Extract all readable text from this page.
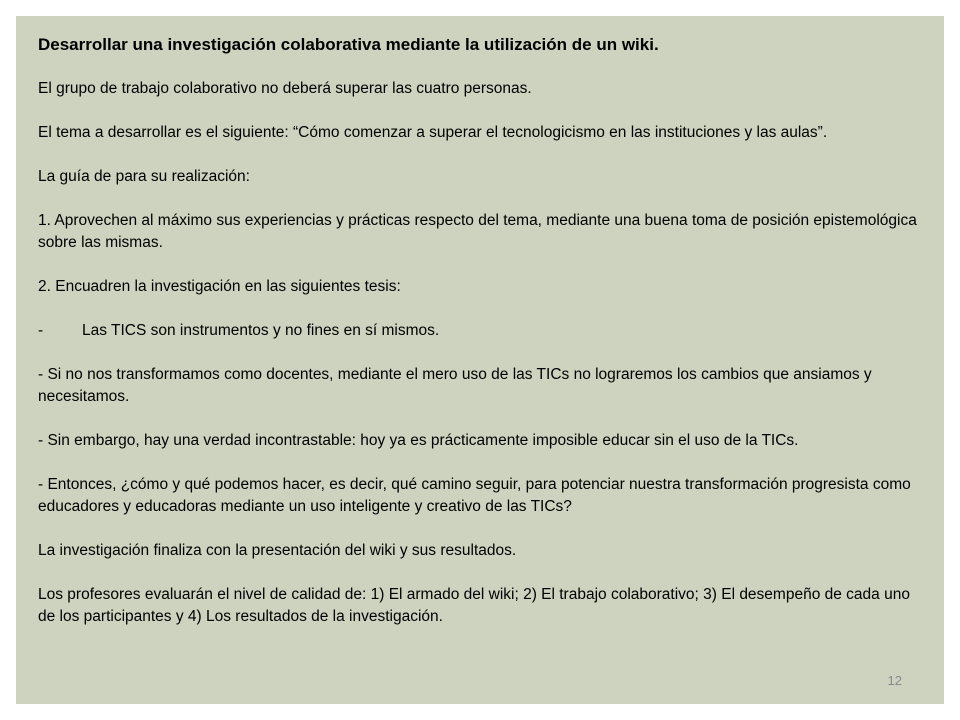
Desarrollar una investigación colaborativa mediante la utilización de un wiki.

El grupo de trabajo colaborativo no deberá superar las cuatro personas.

El tema a desarrollar es el siguiente: “Cómo comenzar a superar el tecnologicismo en las instituciones y las aulas”.

La guía de para su realización:

1. Aprovechen al máximo sus experiencias y prácticas respecto del tema, mediante una buena toma de posición epistemológica sobre las mismas.

2. Encuadren la investigación en las siguientes tesis:

-	Las TICS son instrumentos y no fines en sí mismos.

- Si no nos transformamos como docentes, mediante el mero uso de las TICs no lograremos los cambios que ansiamos y necesitamos.

- Sin embargo, hay una verdad incontrastable: hoy ya es prácticamente imposible educar sin el uso de la TICs.

- Entonces, ¿cómo y qué podemos hacer, es decir, qué camino seguir, para potenciar nuestra transformación progresista como educadores y educadoras mediante un uso inteligente y creativo de las TICs?

La investigación finaliza con la presentación del wiki y sus resultados.

Los profesores evaluarán el nivel de calidad de: 1) El armado del wiki; 2) El trabajo colaborativo; 3) El desempeño de cada uno de los participantes y 4) Los resultados de la investigación.

12
